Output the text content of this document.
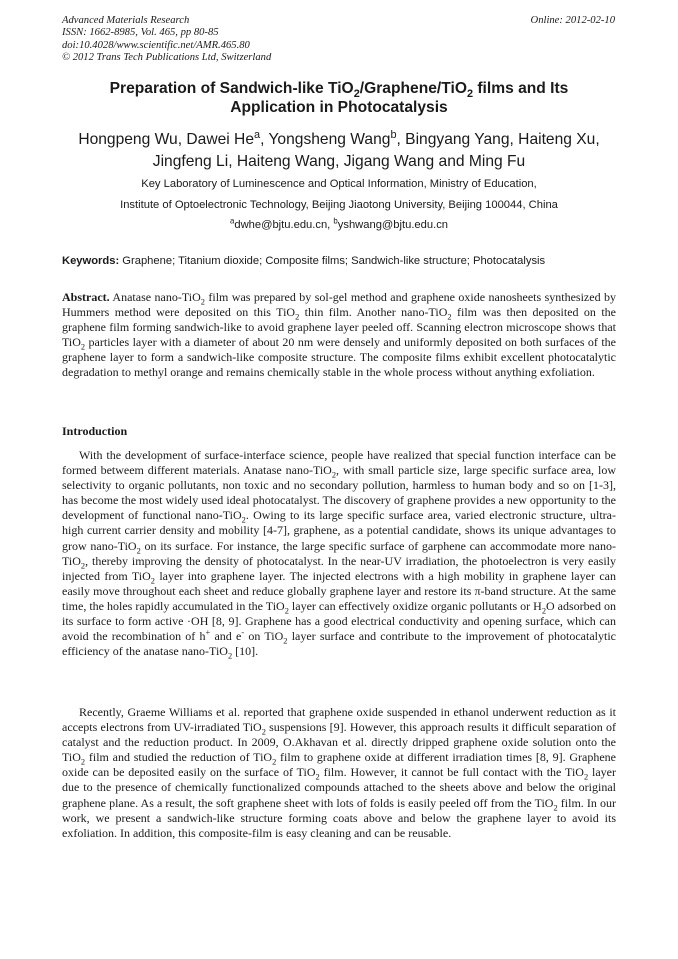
Advanced Materials Research
ISSN: 1662-8985, Vol. 465, pp 80-85
doi:10.4028/www.scientific.net/AMR.465.80
© 2012 Trans Tech Publications Ltd, Switzerland
Online: 2012-02-10
Preparation of Sandwich-like TiO$_2$/Graphene/TiO$_2$ films and Its
Application in Photocatalysis
Hongpeng Wu, Dawei He$^a$, Yongsheng Wang$^b$, Bingyang Yang, Haiteng Xu,
Jingfeng Li, Haiteng Wang, Jigang Wang and Ming Fu
Key Laboratory of Luminescence and Optical Information, Ministry of Education,
Institute of Optoelectronic Technology, Beijing Jiaotong University, Beijing 100044, China
$^a$dwhe@bjtu.edu.cn, $^b$yshwang@bjtu.edu.cn
Keywords: Graphene; Titanium dioxide; Composite films; Sandwich-like structure; Photocatalysis

Abstract. Anatase nano-TiO$_2$ film was prepared by sol-gel method and graphene oxide nanosheets synthesized by Hummers method were deposited on this TiO$_2$ thin film. Another nano-TiO$_2$ film was then deposited on the graphene film forming sandwich-like to avoid graphene layer peeled off. Scanning electron microscope shows that TiO$_2$ particles layer with a diameter of about 20 nm were densely and uniformly deposited on both surfaces of the graphene layer to form a sandwich-like composite structure. The composite films exhibit excellent photocatalytic degradation to methyl orange and remains chemically stable in the whole process without anything exfoliation.

Introduction

With the development of surface-interface science, people have realized that special function interface can be formed betweem different materials. Anatase nano-TiO$_2$, with small particle size, large specific surface area, low selectivity to organic pollutants, non toxic and no secondary pollution, harmless to human body and so on [1-3], has become the most widely used ideal photocatalyst. The discovery of graphene provides a new opportunity to the development of functional nano-TiO$_2$. Owing to its large specific surface area, varied electronic structure, ultra-high current carrier density and mobility [4-7], graphene, as a potential candidate, shows its unique advantages to grow nano-TiO$_2$ on its surface. For instance, the large specific surface of garphene can accommodate more nano-TiO$_2$, thereby improving the density of photocatalyst. In the near-UV irradiation, the photoelectron is very easily injected from TiO$_2$ layer into graphene layer. The injected electrons with a high mobility in graphene layer can easily move throughout each sheet and reduce globally graphene layer and restore its π-band structure. At the same time, the holes rapidly accumulated in the TiO$_2$ layer can effectively oxidize organic pollutants or $H_2O$ adsorbed on its surface to form active ·OH [8, 9]. Graphene has a good electrical conductivity and opening surface, which can avoid the recombination of h+ and e- on TiO$_2$ layer surface and contribute to the improvement of photocatalytic efficiency of the anatase nano-TiO$_2$ [10].

Recently, Graeme Williams et al. reported that graphene oxide suspended in ethanol underwent reduction as it accepts electrons from UV-irradiated TiO$_2$ suspensions [9]. However, this approach results it difficult separation of catalyst and the reduction product. In 2009, O.Akhavan et al. directly dripped graphene oxide solution onto the TiO$_2$ film and studied the reduction of TiO$_2$ film to graphene oxide at different irradiation times [8, 9]. Graphene oxide can be deposited easily on the surface of TiO$_2$ film. However, it cannot be full contact with the TiO$_2$ layer due to the presence of chemically functionalized compounds attached to the sheets above and below the original graphene plane. As a result, the soft graphene sheet with lots of folds is easily peeled off from the TiO$_2$ film. In our work, we present a sandwich-like structure forming coats above and below the graphene layer to avoid its exfoliation. In addition, this composite-film is easy cleaning and can be reusable.
